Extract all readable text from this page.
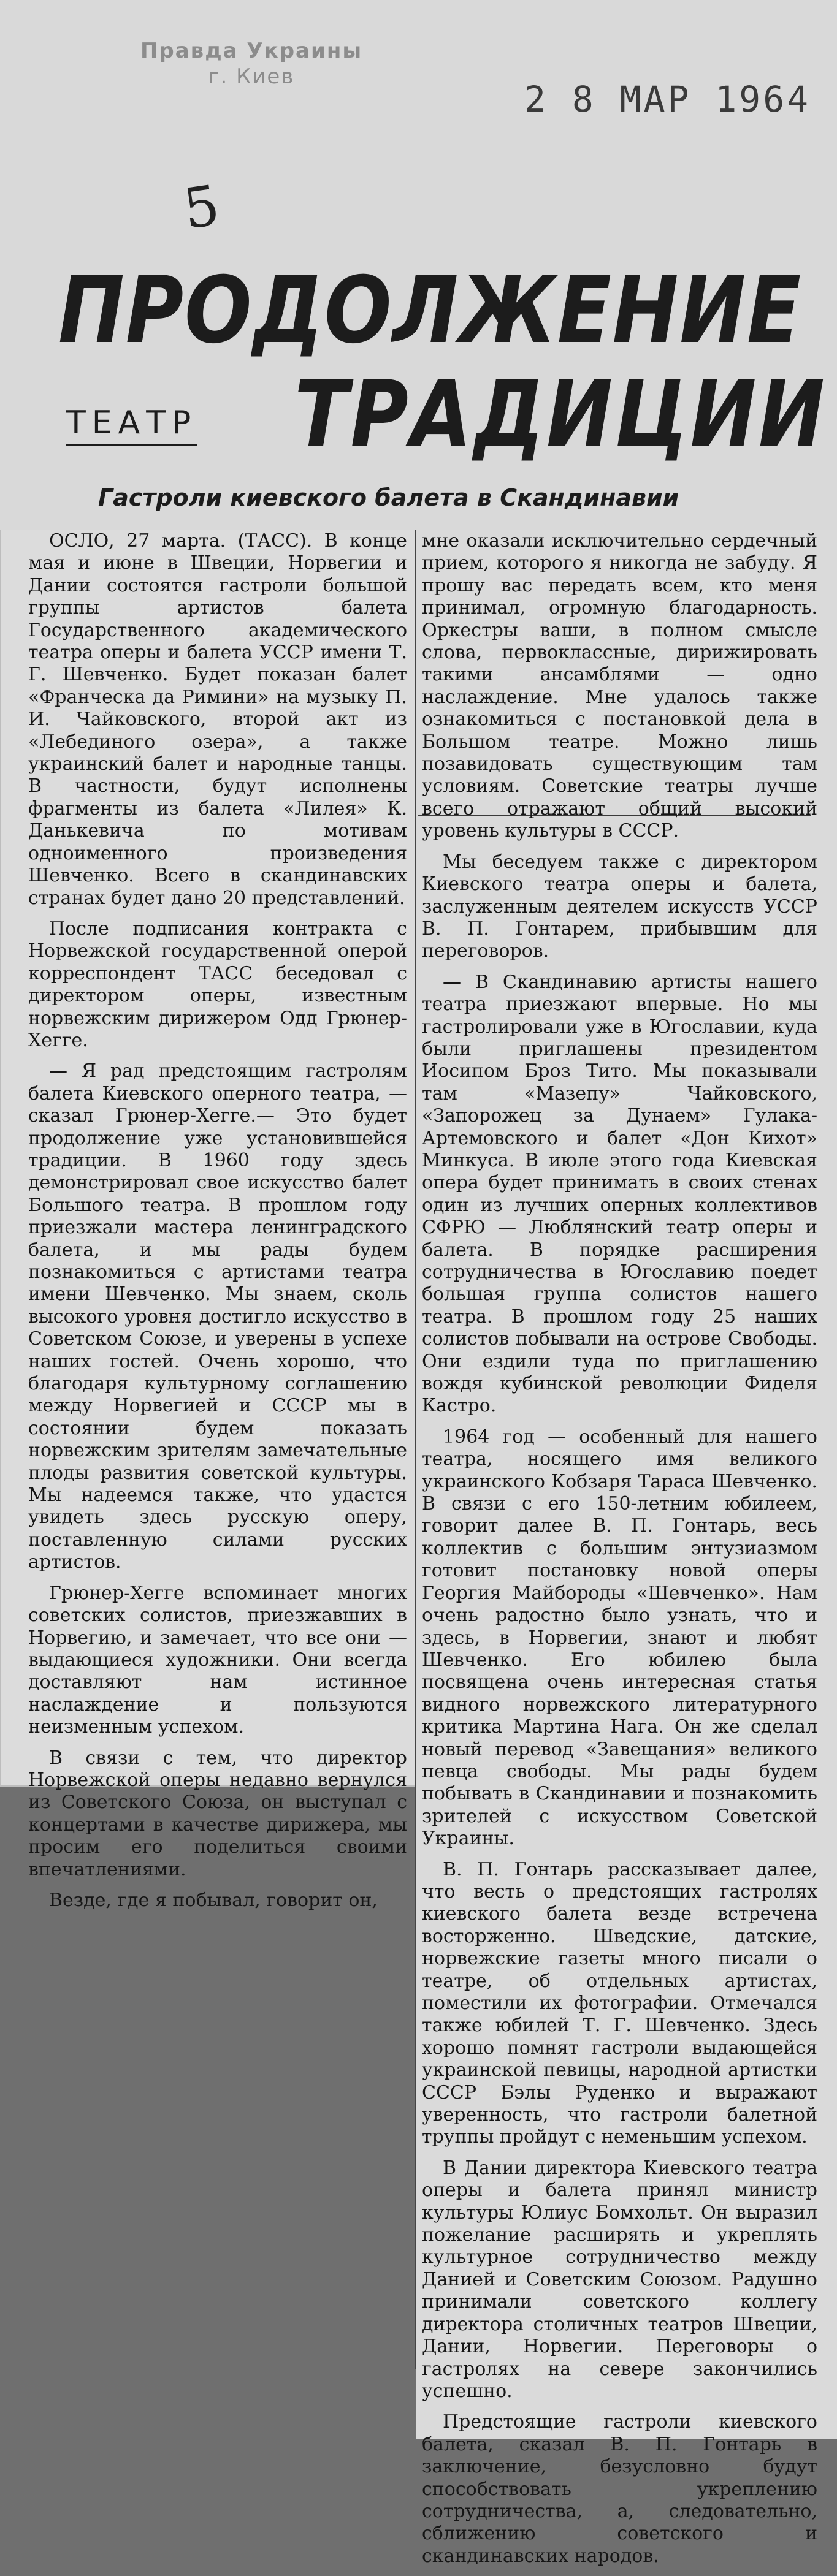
Правда Украины
г. Киев
2 8 МАР 1964
5
ПРОДОЛЖЕНИЕ
ТЕАТР ТРАДИЦИИ
Гастроли киевского балета в Скандинавии

ОСЛО, 27 марта. (ТАСС). В конце мая и июне в Швеции, Норвегии и Дании состоятся гастроли большой группы артистов балета Государственного академического театра оперы и балета УССР имени Т. Г. Шевченко. Будет показан балет «Франческа да Римини» на музыку П. И. Чайковского, второй акт из «Лебединого озера», а также украинский балет и народные танцы. В частности, будут исполнены фрагменты из балета «Лилея» К. Данькевича по мотивам одноименного произведения Шевченко. Всего в скандинавских странах будет дано 20 представлений.

После подписания контракта с Норвежской государственной оперой корреспондент ТАСС беседовал с директором оперы, известным норвежским дирижером Одд Грюнер-Хегге.

— Я рад предстоящим гастролям балета Киевского оперного театра, — сказал Грюнер-Хегге.— Это будет продолжение уже установившейся традиции. В 1960 году здесь демонстрировал свое искусство балет Большого театра. В прошлом году приезжали мастера ленинградского балета, и мы рады будем познакомиться с артистами театра имени Шевченко. Мы знаем, сколь высокого уровня достигло искусство в Советском Союзе, и уверены в успехе наших гостей. Очень хорошо, что благодаря культурному соглашению между Норвегией и СССР мы в состоянии будем показать норвежским зрителям замечательные плоды развития советской культуры. Мы надеемся также, что удастся увидеть здесь русскую оперу, поставленную силами русских артистов.

Грюнер-Хегге вспоминает многих советских солистов, приезжавших в Норвегию, и замечает, что все они — выдающиеся художники. Они всегда доставляют нам истинное наслаждение и пользуются неизменным успехом.

В связи с тем, что директор Норвежской оперы недавно вернулся из Советского Союза, он выступал с концертами в качестве дирижера, мы просим его поделиться своими впечатлениями.

Везде, где я побывал, говорит он,

мне оказали исключительно сердечный прием, которого я никогда не забуду. Я прошу вас передать всем, кто меня принимал, огромную благодарность. Оркестры ваши, в полном смысле слова, первоклассные, дирижировать такими ансамблями — одно наслаждение. Мне удалось также ознакомиться с постановкой дела в Большом театре. Можно лишь позавидовать существующим там условиям. Советские театры лучше всего отражают общий высокий уровень культуры в СССР.

Мы беседуем также с директором Киевского театра оперы и балета, заслуженным деятелем искусств УССР В. П. Гонтарем, прибывшим для переговоров.

— В Скандинавию артисты нашего театра приезжают впервые. Но мы гастролировали уже в Югославии, куда были приглашены президентом Иосипом Броз Тито. Мы показывали там «Мазепу» Чайковского, «Запорожец за Дунаем» Гулака-Артемовского и балет «Дон Кихот» Минкуса. В июле этого года Киевская опера будет принимать в своих стенах один из лучших оперных коллективов СФРЮ — Люблянский театр оперы и балета. В порядке расширения сотрудничества в Югославию поедет большая группа солистов нашего театра. В прошлом году 25 наших солистов побывали на острове Свободы. Они ездили туда по приглашению вождя кубинской революции Фиделя Кастро.

1964 год — особенный для нашего театра, носящего имя великого украинского Кобзаря Тараса Шевченко. В связи с его 150-летним юбилеем, говорит далее В. П. Гонтарь, весь коллектив с большим энтузиазмом готовит постановку новой оперы Георгия Майбороды «Шевченко». Нам очень радостно было узнать, что и здесь, в Норвегии, знают и любят Шевченко. Его юбилею была посвящена очень интересная статья видного норвежского литературного критика Мартина Нага. Он же сделал новый перевод «Завещания» великого певца свободы. Мы рады будем побывать в Скандинавии и познакомить зрителей с искусством Советской Украины.

В. П. Гонтарь рассказывает далее, что весть о предстоящих гастролях киевского балета везде встречена восторженно. Шведские, датские, норвежские газеты много писали о театре, об отдельных артистах, поместили их фотографии. Отмечался также юбилей Т. Г. Шевченко. Здесь хорошо помнят гастроли выдающейся украинской певицы, народной артистки СССР Бэлы Руденко и выражают уверенность, что гастроли балетной труппы пройдут с неменьшим успехом.

В Дании директора Киевского театра оперы и балета принял министр культуры Юлиус Бомхольт. Он выразил пожелание расширять и укреплять культурное сотрудничество между Данией и Советским Союзом. Радушно принимали советского коллегу директора столичных театров Швеции, Дании, Норвегии. Переговоры о гастролях на севере закончились успешно.

Предстоящие гастроли киевского балета, сказал В. П. Гонтарь в заключение, безусловно будут способствовать укреплению сотрудничества, а, следовательно, сближению советского и скандинавских народов.
